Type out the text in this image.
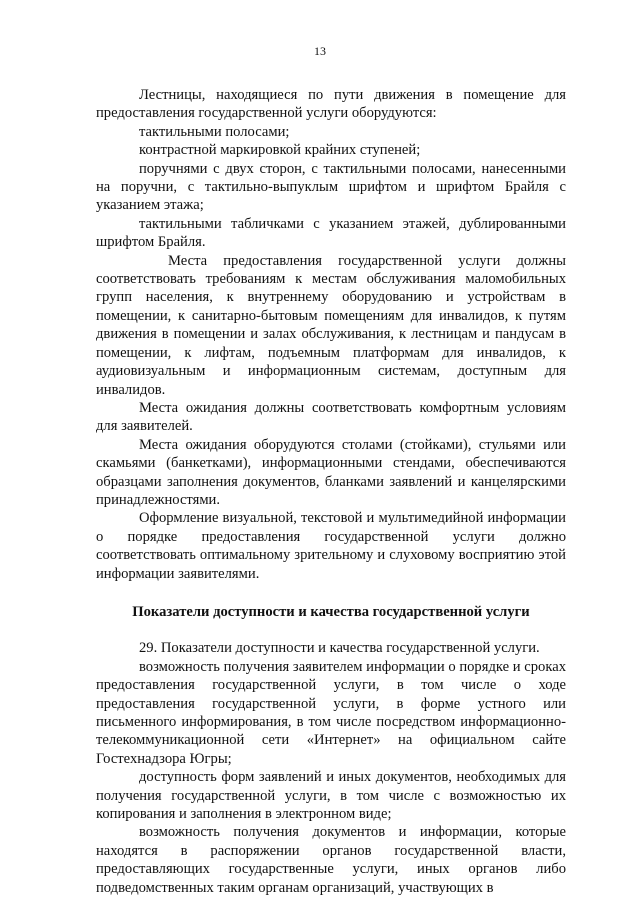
13

Лестницы, находящиеся по пути движения в помещение для предоставления государственной услуги оборудуются:

тактильными полосами;

контрастной маркировкой крайних ступеней;

поручнями с двух сторон, с тактильными полосами, нанесенными на поручни, с тактильно-выпуклым шрифтом и шрифтом Брайля с указанием этажа;

тактильными табличками с указанием этажей, дублированными шрифтом Брайля.

Места предоставления государственной услуги должны соответствовать требованиям к местам обслуживания маломобильных групп населения, к внутреннему оборудованию и устройствам в помещении, к санитарно-бытовым помещениям для инвалидов, к путям движения в помещении и залах обслуживания, к лестницам и пандусам в помещении, к лифтам, подъемным платформам для инвалидов, к аудиовизуальным и информационным системам, доступным для инвалидов.

Места ожидания должны соответствовать комфортным условиям для заявителей.

Места ожидания оборудуются столами (стойками), стульями или скамьями (банкетками), информационными стендами, обеспечиваются образцами заполнения документов, бланками заявлений и канцелярскими принадлежностями.

Оформление визуальной, текстовой и мультимедийной информации о порядке предоставления государственной услуги должно соответствовать оптимальному зрительному и слуховому восприятию этой информации заявителями.

Показатели доступности и качества государственной услуги

29. Показатели доступности и качества государственной услуги.

возможность получения заявителем информации о порядке и сроках предоставления государственной услуги, в том числе о ходе предоставления государственной услуги, в форме устного или письменного информирования, в том числе посредством информационно-телекоммуникационной сети «Интернет» на официальном сайте Гостехнадзора Югры;

доступность форм заявлений и иных документов, необходимых для получения государственной услуги, в том числе с возможностью их копирования и заполнения в электронном виде;

возможность получения документов и информации, которые находятся в распоряжении органов государственной власти, предоставляющих государственные услуги, иных органов либо подведомственных таким органам организаций, участвующих в
